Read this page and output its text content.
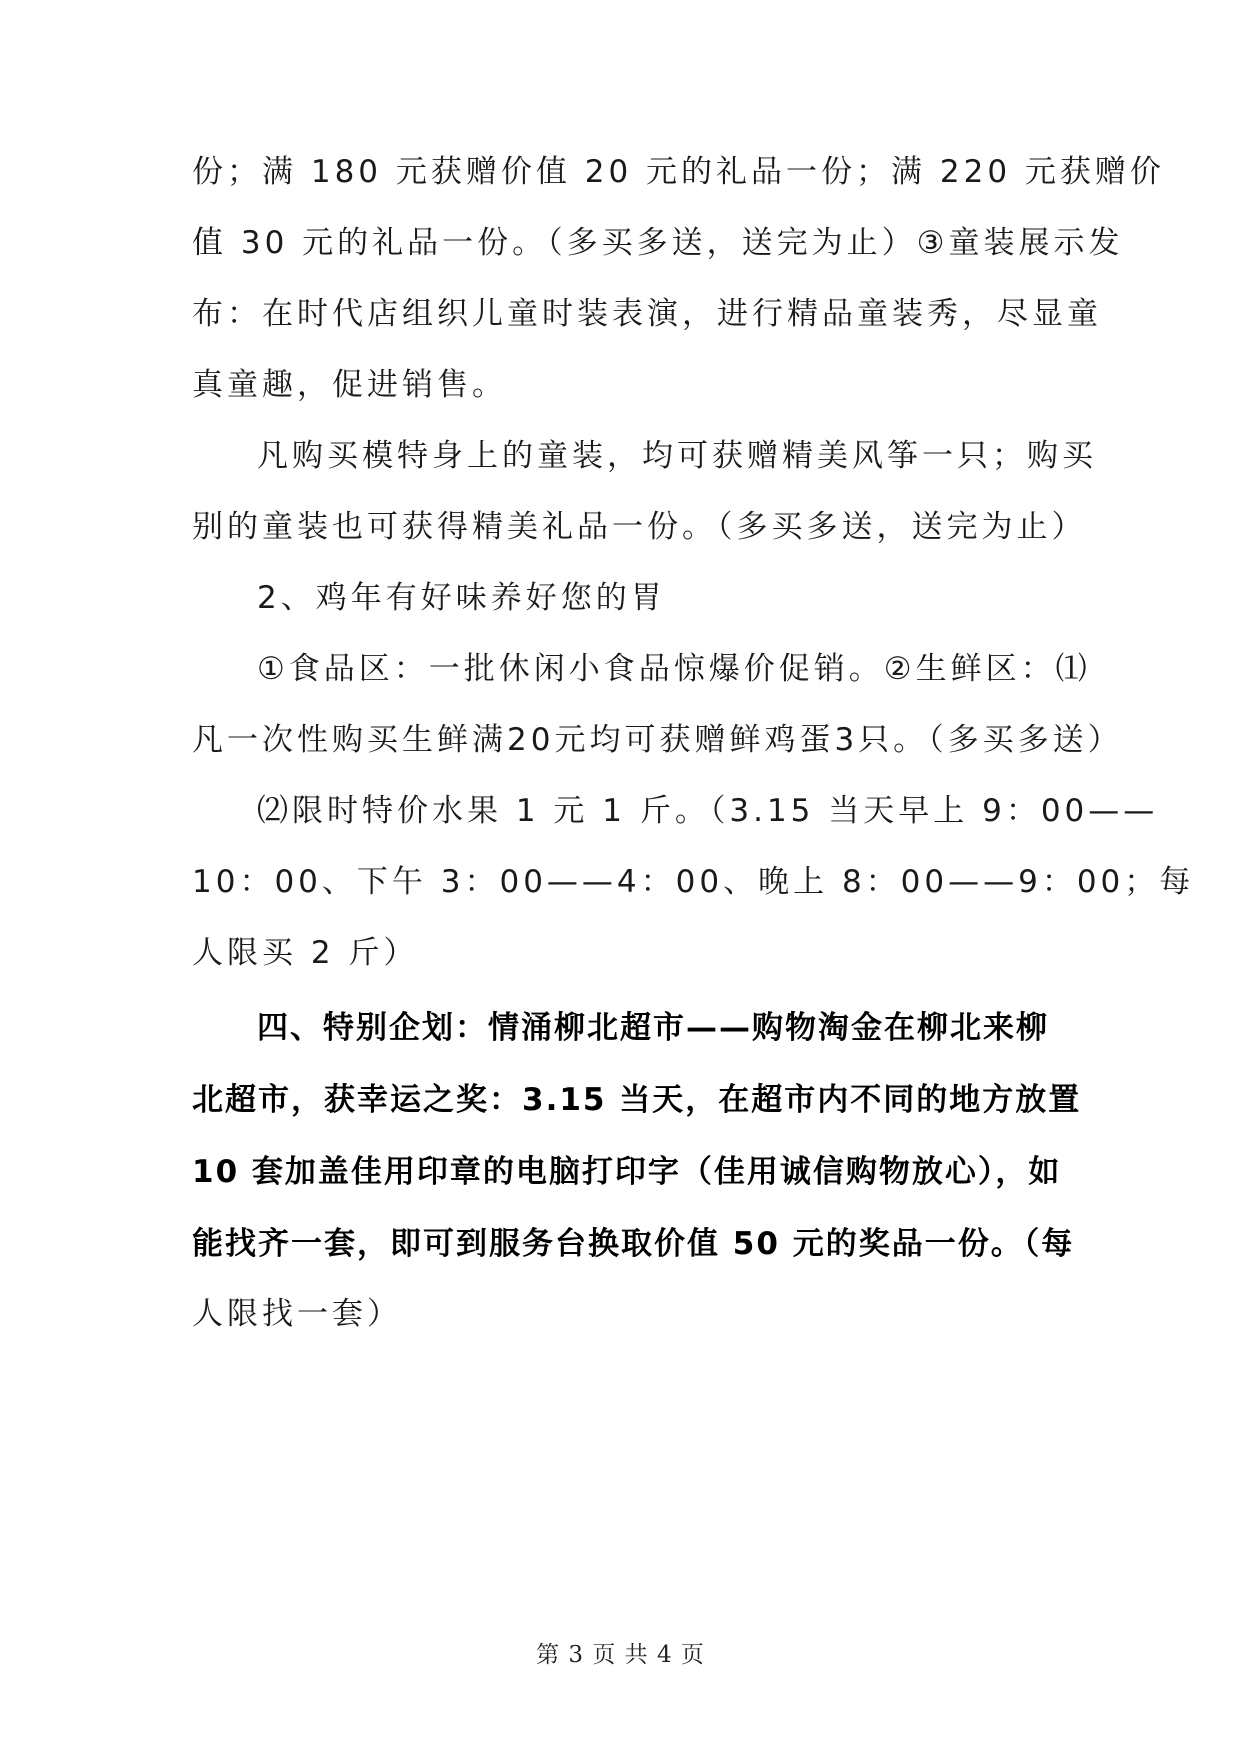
份；满 180 元获赠价值 20 元的礼品一份；满 220 元获赠价
值 30 元的礼品一份。（多买多送，送完为止）③童装展示发
布：在时代店组织儿童时装表演，进行精品童装秀，尽显童
真童趣，促进销售。
凡购买模特身上的童装，均可获赠精美风筝一只；购买
别的童装也可获得精美礼品一份。（多买多送，送完为止）
2、鸡年有好味养好您的胃
①食品区：一批休闲小食品惊爆价促销。②生鲜区：⑴
凡一次性购买生鲜满20元均可获赠鲜鸡蛋3只。（多买多送）
⑵限时特价水果 1 元 1 斤。（3.15 当天早上 9：00——
10：00、下午 3：00——4：00、晚上 8：00——9：00；每
人限买 2 斤）
四、特别企划：情涌柳北超市——购物淘金在柳北来柳
北超市，获幸运之奖：3.15 当天，在超市内不同的地方放置
10 套加盖佳用印章的电脑打印字（佳用诚信购物放心），如
能找齐一套，即可到服务台换取价值 50 元的奖品一份。（每
人限找一套）
第 3 页 共 4 页
